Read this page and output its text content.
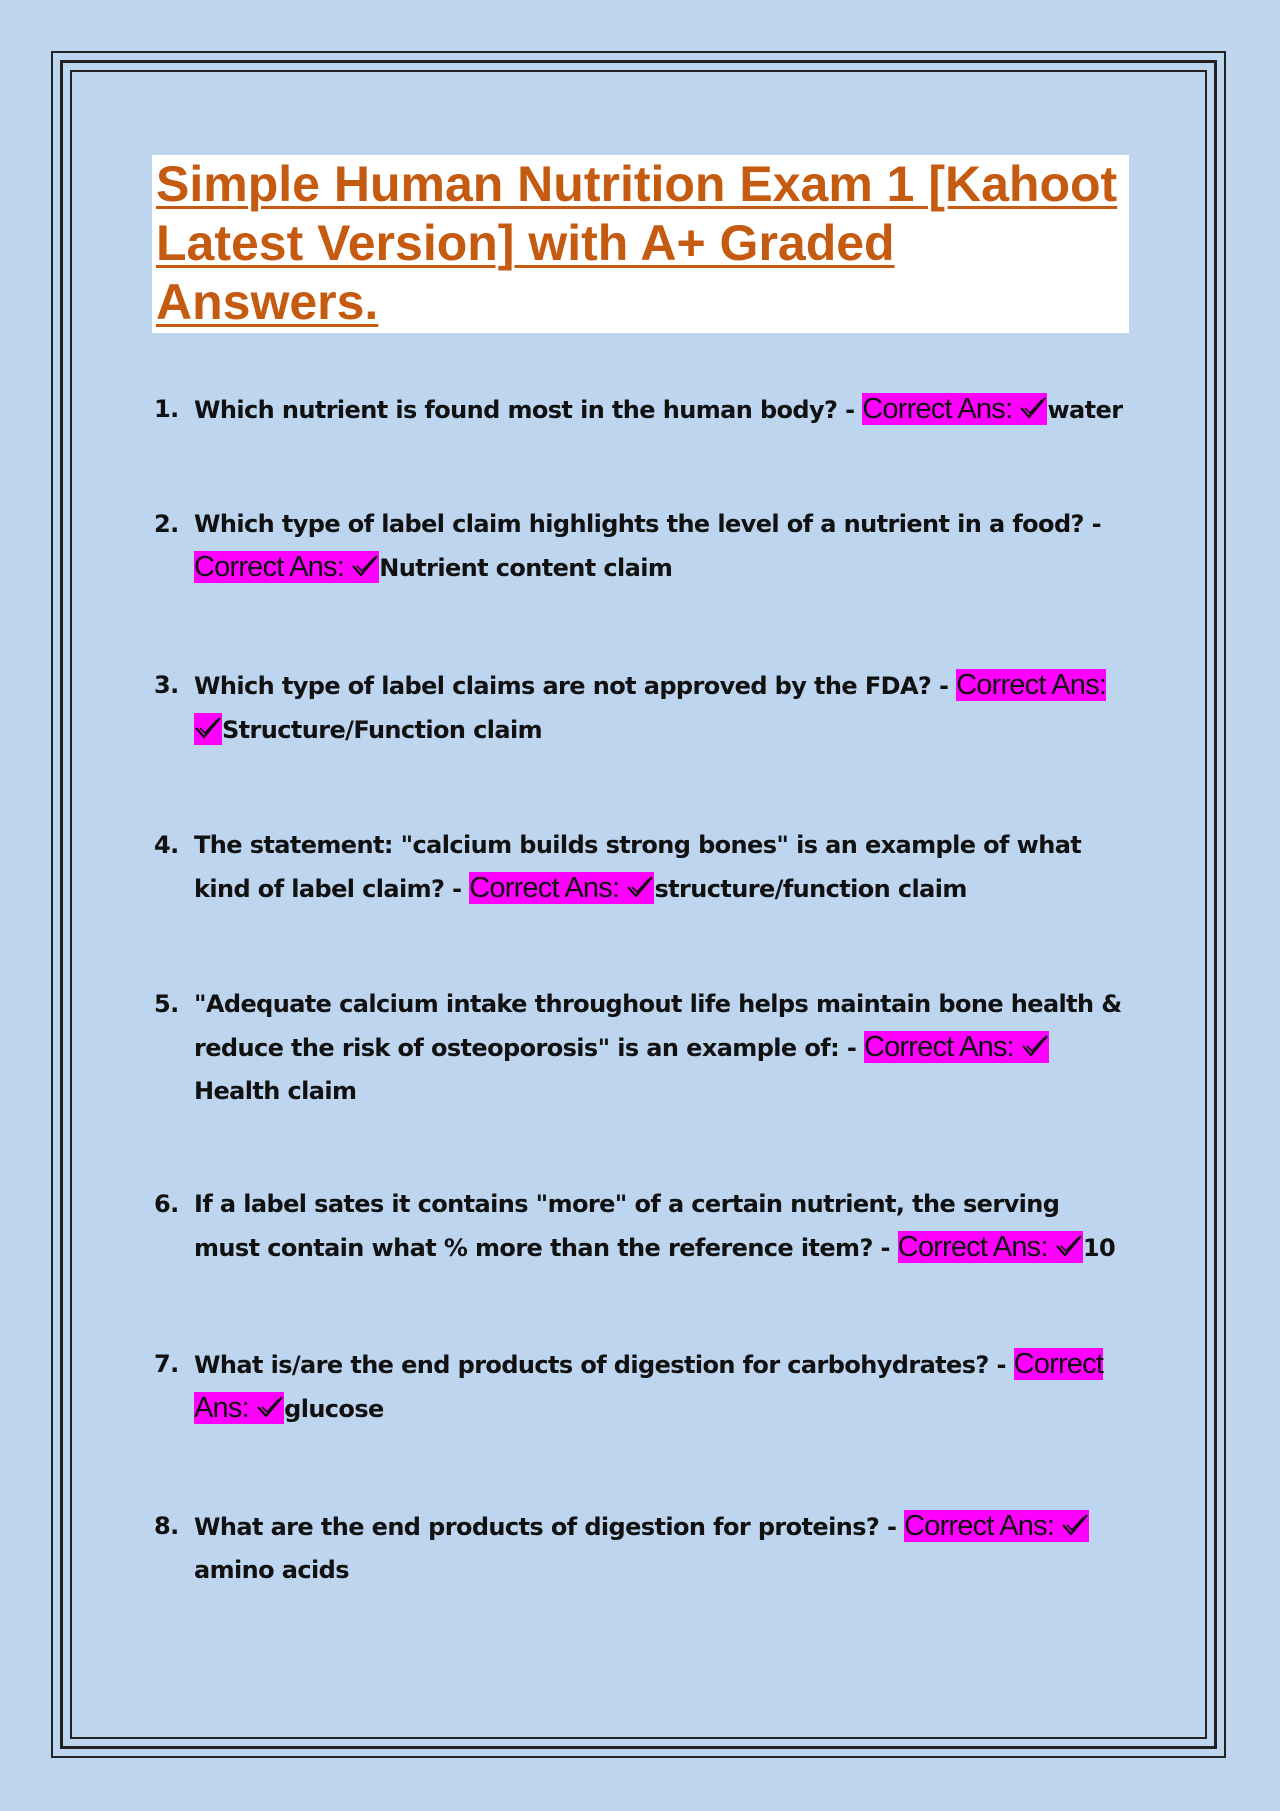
Simple Human Nutrition Exam 1 [Kahoot Latest Version] with A+ Graded Answers.
1. Which nutrient is found most in the human body? - Correct Ans: water
2. Which type of label claim highlights the level of a nutrient in a food? - Correct Ans: Nutrient content claim
3. Which type of label claims are not approved by the FDA? - Correct Ans: Structure/Function claim
4. The statement: "calcium builds strong bones" is an example of what kind of label claim? - Correct Ans: structure/function claim
5. "Adequate calcium intake throughout life helps maintain bone health & reduce the risk of osteoporosis" is an example of: - Correct Ans: Health claim
6. If a label sates it contains "more" of a certain nutrient, the serving must contain what % more than the reference item? - Correct Ans: 10
7. What is/are the end products of digestion for carbohydrates? - Correct Ans: glucose
8. What are the end products of digestion for proteins? - Correct Ans: amino acids
